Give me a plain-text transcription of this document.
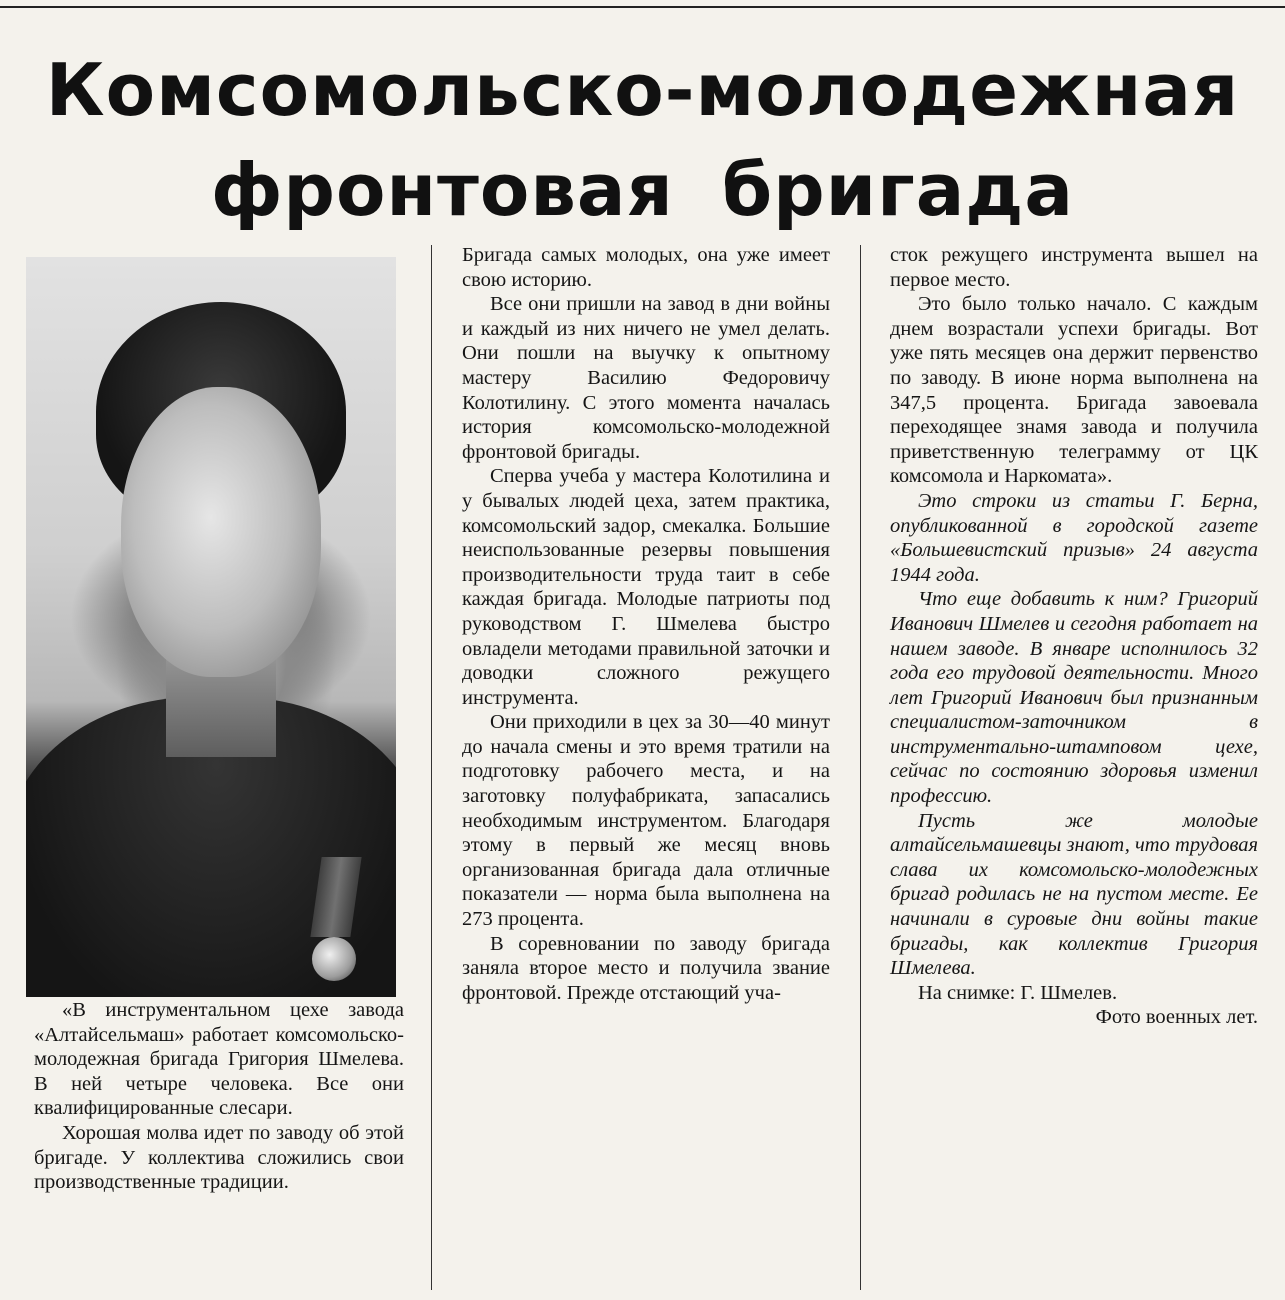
Комсомольско-молодежная
фронтовая бригада

«В инструментальном цехе завода «Алтайсельмаш» работает комсомольско-молодежная бригада Григория Шмелева. В ней четыре человека. Все они квалифицированные слесари.

Хорошая молва идет по заводу об этой бригаде. У коллектива сложились свои производственные традиции.

Бригада самых молодых, она уже имеет свою историю.

Все они пришли на завод в дни войны и каждый из них ничего не умел делать. Они пошли на выучку к опытному мастеру Василию Федоровичу Колотилину. С этого момента началась история комсомольско-молодежной фронтовой бригады.

Сперва учеба у мастера Колотилина и у бывалых людей цеха, затем практика, комсомольский задор, смекалка. Большие неиспользованные резервы повышения производительности труда таит в себе каждая бригада. Молодые патриоты под руководством Г. Шмелева быстро овладели методами правильной заточки и доводки сложного режущего инструмента.

Они приходили в цех за 30—40 минут до начала смены и это время тратили на подготовку рабочего места, и на заготовку полуфабриката, запасались необходимым инструментом. Благодаря этому в первый же месяц вновь организованная бригада дала отличные показатели — норма была выполнена на 273 процента.

В соревновании по заводу бригада заняла второе место и получила звание фронтовой. Прежде отстающий уча-

сток режущего инструмента вышел на первое место.

Это было только начало. С каждым днем возрастали успехи бригады. Вот уже пять месяцев она держит первенство по заводу. В июне норма выполнена на 347,5 процента. Бригада завоевала переходящее знамя завода и получила приветственную телеграмму от ЦК комсомола и Наркомата».

Это строки из статьи Г. Берна, опубликованной в городской газете «Большевистский призыв» 24 августа 1944 года.

Что еще добавить к ним? Григорий Иванович Шмелев и сегодня работает на нашем заводе. В январе исполнилось 32 года его трудовой деятельности. Много лет Григорий Иванович был признанным специалистом-заточником в инструментально-штамповом цехе, сейчас по состоянию здоровья изменил профессию.

Пусть же молодые алтайсельмашевцы знают, что трудовая слава их комсомольско-молодежных бригад родилась не на пустом месте. Ее начинали в суровые дни войны такие бригады, как коллектив Григория Шмелева.

На снимке: Г. Шмелев.

Фото военных лет.
